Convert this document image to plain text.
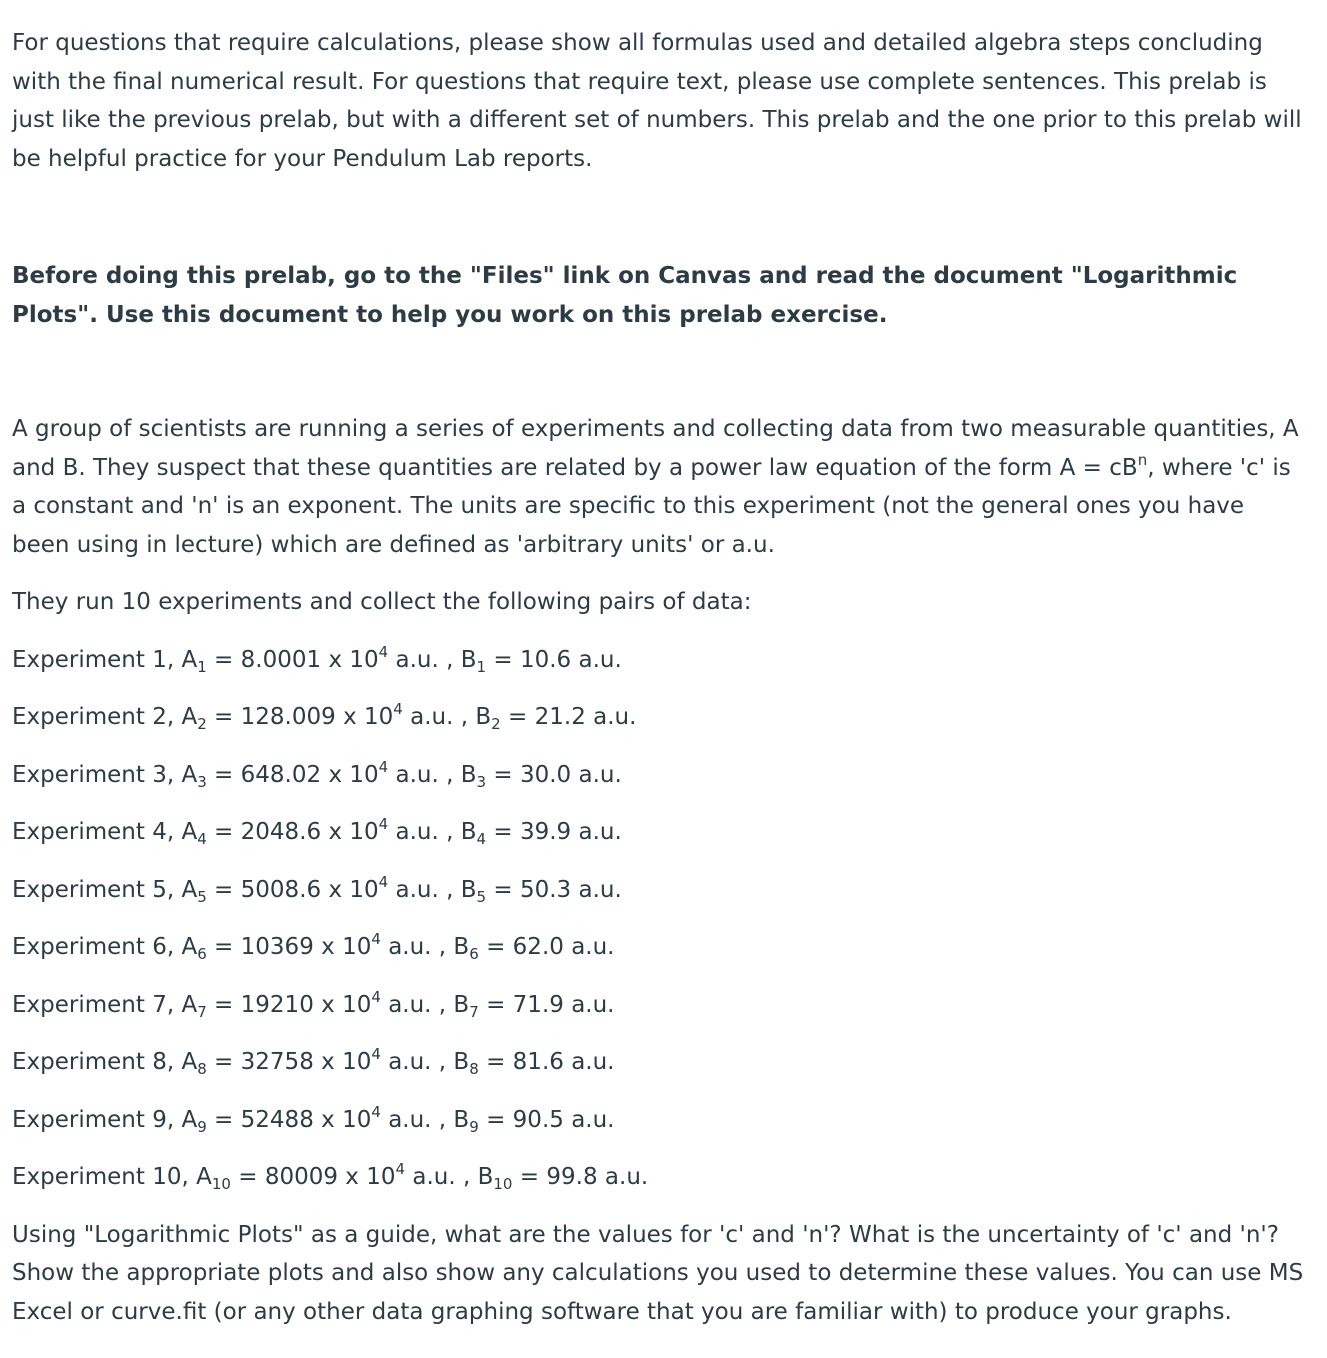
For questions that require calculations, please show all formulas used and detailed algebra steps concluding with the final numerical result. For questions that require text, please use complete sentences. This prelab is just like the previous prelab, but with a different set of numbers. This prelab and the one prior to this prelab will be helpful practice for your Pendulum Lab reports.

Before doing this prelab, go to the "Files" link on Canvas and read the document "Logarithmic Plots". Use this document to help you work on this prelab exercise.

A group of scientists are running a series of experiments and collecting data from two measurable quantities, A and B. They suspect that these quantities are related by a power law equation of the form $A = cB^n$, where 'c' is a constant and 'n' is an exponent. The units are specific to this experiment (not the general ones you have been using in lecture) which are defined as 'arbitrary units' or a.u.

They run 10 experiments and collect the following pairs of data:

Experiment 1, $A_1 = 8.0001$ x $10^4$ a.u. , $B_1 = 10.6$ a.u.

Experiment 2, $A_2 = 128.009$ x $10^4$ a.u. , $B_2 = 21.2$ a.u.

Experiment 3, $A_3 = 648.02$ x $10^4$ a.u. , $B_3 = 30.0$ a.u.

Experiment 4, $A_4 = 2048.6$ x $10^4$ a.u. , $B_4 = 39.9$ a.u.

Experiment 5, $A_5 = 5008.6$ x $10^4$ a.u. , $B_5 = 50.3$ a.u.

Experiment 6, $A_6 = 10369$ x $10^4$ a.u. , $B_6 = 62.0$ a.u.

Experiment 7, $A_7 = 19210$ x $10^4$ a.u. , $B_7 = 71.9$ a.u.

Experiment 8, $A_8 = 32758$ x $10^4$ a.u. , $B_8 = 81.6$ a.u.

Experiment 9, $A_9 = 52488$ x $10^4$ a.u. , $B_9 = 90.5$ a.u.

Experiment 10, $A_{10} = 80009$ x $10^4$ a.u. , $B_{10} = 99.8$ a.u.

Using "Logarithmic Plots" as a guide, what are the values for 'c' and 'n'? What is the uncertainty of 'c' and 'n'? Show the appropriate plots and also show any calculations you used to determine these values. You can use MS Excel or curve.fit (or any other data graphing software that you are familiar with) to produce your graphs.
